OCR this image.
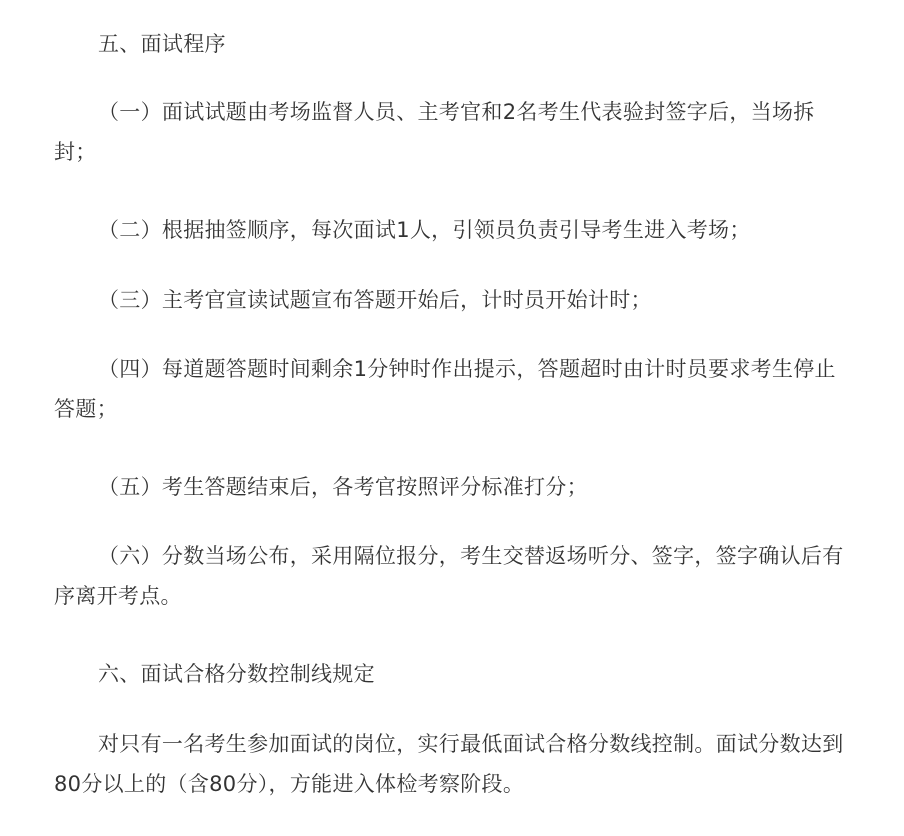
五、面试程序

（一）面试试题由考场监督人员、主考官和2名考生代表验封签字后，当场拆封；

（二）根据抽签顺序，每次面试1人，引领员负责引导考生进入考场；

（三）主考官宣读试题宣布答题开始后，计时员开始计时；

（四）每道题答题时间剩余1分钟时作出提示，答题超时由计时员要求考生停止答题；

（五）考生答题结束后，各考官按照评分标准打分；

（六）分数当场公布，采用隔位报分，考生交替返场听分、签字，签字确认后有序离开考点。

六、面试合格分数控制线规定

对只有一名考生参加面试的岗位，实行最低面试合格分数线控制。面试分数达到80分以上的（含80分），方能进入体检考察阶段。
